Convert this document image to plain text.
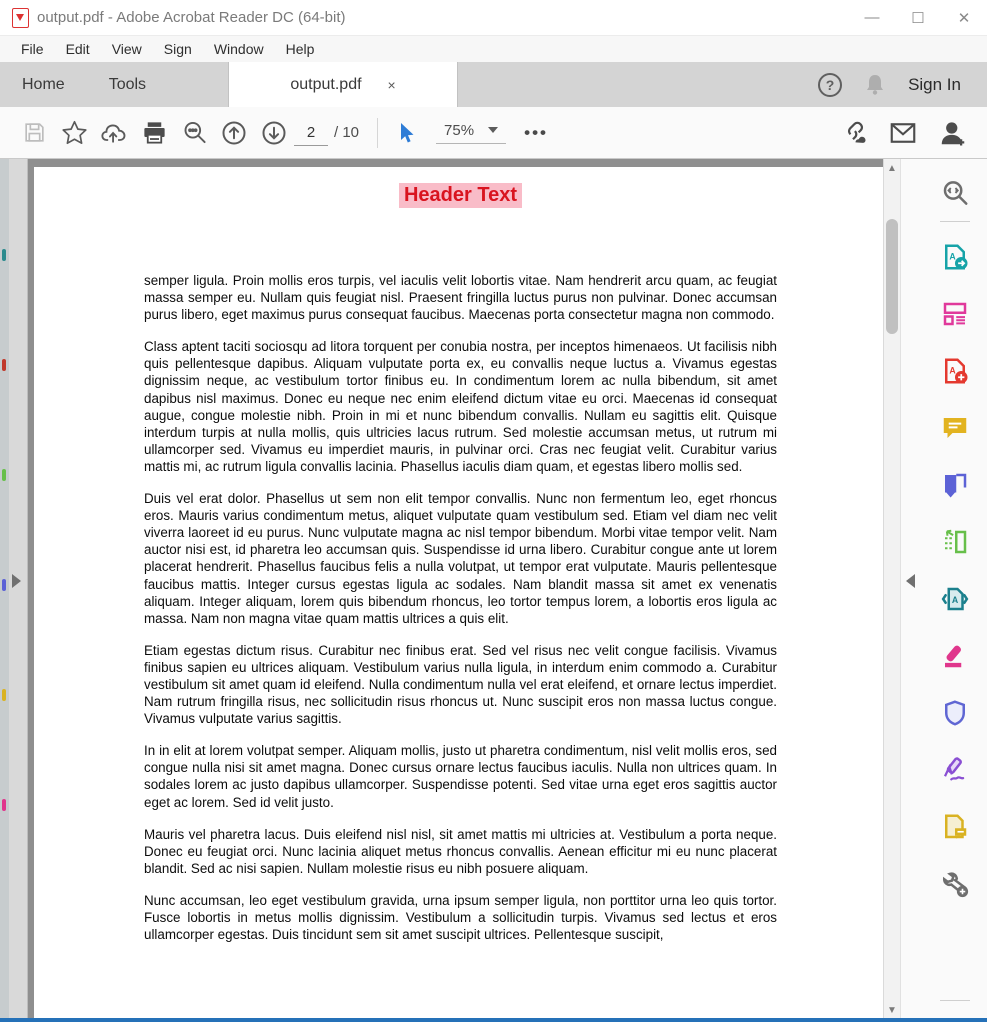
output.pdf - Adobe Acrobat Reader DC (64-bit)	—	☐	✕
File	Edit	View	Sign	Window	Help
Home	Tools	output.pdf ×	?	Sign In
2
/ 10	75%	•••
Header Text

semper ligula. Proin mollis eros turpis, vel iaculis velit lobortis vitae. Nam hendrerit arcu quam, ac feugiat massa semper eu. Nullam quis feugiat nisl. Praesent fringilla luctus purus non pulvinar. Donec accumsan purus libero, eget maximus purus consequat faucibus. Maecenas porta consectetur magna non commodo.

Class aptent taciti sociosqu ad litora torquent per conubia nostra, per inceptos himenaeos. Ut facilisis nibh quis pellentesque dapibus. Aliquam vulputate porta ex, eu convallis neque luctus a. Vivamus egestas dignissim neque, ac vestibulum tortor finibus eu. In condimentum lorem ac nulla bibendum, sit amet dapibus nisl maximus. Donec eu neque nec enim eleifend dictum vitae eu orci. Maecenas id consequat augue, congue molestie nibh. Proin in mi et nunc bibendum convallis. Nullam eu sagittis elit. Quisque interdum turpis at nulla mollis, quis ultricies lacus rutrum. Sed molestie accumsan metus, ut rutrum mi ullamcorper sed. Vivamus eu imperdiet mauris, in pulvinar orci. Cras nec feugiat velit. Curabitur varius mattis mi, ac rutrum ligula convallis lacinia. Phasellus iaculis diam quam, et egestas libero mollis sed.

Duis vel erat dolor. Phasellus ut sem non elit tempor convallis. Nunc non fermentum leo, eget rhoncus eros. Mauris varius condimentum metus, aliquet vulputate quam vestibulum sed. Etiam vel diam nec velit viverra laoreet id eu purus. Nunc vulputate magna ac nisl tempor bibendum. Morbi vitae tempor velit. Nam auctor nisi est, id pharetra leo accumsan quis. Suspendisse id urna libero. Curabitur congue ante ut lorem placerat hendrerit. Phasellus faucibus felis a nulla volutpat, ut tempor erat vulputate. Mauris pellentesque faucibus mattis. Integer cursus egestas ligula ac sodales. Nam blandit massa sit amet ex venenatis aliquam. Integer aliquam, lorem quis bibendum rhoncus, leo tortor tempus lorem, a lobortis eros ligula ac massa. Nam non magna vitae quam mattis ultrices a quis elit.

Etiam egestas dictum risus. Curabitur nec finibus erat. Sed vel risus nec velit congue facilisis. Vivamus finibus sapien eu ultrices aliquam. Vestibulum varius nulla ligula, in interdum enim commodo a. Curabitur vestibulum sit amet quam id eleifend. Nulla condimentum nulla vel erat eleifend, et ornare lectus imperdiet. Nam rutrum fringilla risus, nec sollicitudin risus rhoncus ut. Nunc suscipit eros non massa luctus congue. Vivamus vulputate varius sagittis.

In in elit at lorem volutpat semper. Aliquam mollis, justo ut pharetra condimentum, nisl velit mollis eros, sed congue nulla nisi sit amet magna. Donec cursus ornare lectus faucibus iaculis. Nulla non ultrices quam. In sodales lorem ac justo dapibus ullamcorper. Suspendisse potenti. Sed vitae urna eget eros sagittis auctor eget ac lorem. Sed id velit justo.

Mauris vel pharetra lacus. Duis eleifend nisl nisl, sit amet mattis mi ultricies at. Vestibulum a porta neque. Donec eu feugiat orci. Nunc lacinia aliquet metus rhoncus convallis. Aenean efficitur mi eu nunc placerat blandit. Sed ac nisi sapien. Nullam molestie risus eu nibh posuere aliquam.

Nunc accumsan, leo eget vestibulum gravida, urna ipsum semper ligula, non porttitor urna leo quis tortor. Fusce lobortis in metus mollis dignissim. Vestibulum a sollicitudin turpis. Vivamus sed lectus et eros ullamcorper egestas. Duis tincidunt sem sit amet suscipit ultrices. Pellentesque suscipit,

▲
▼
A
A
A
